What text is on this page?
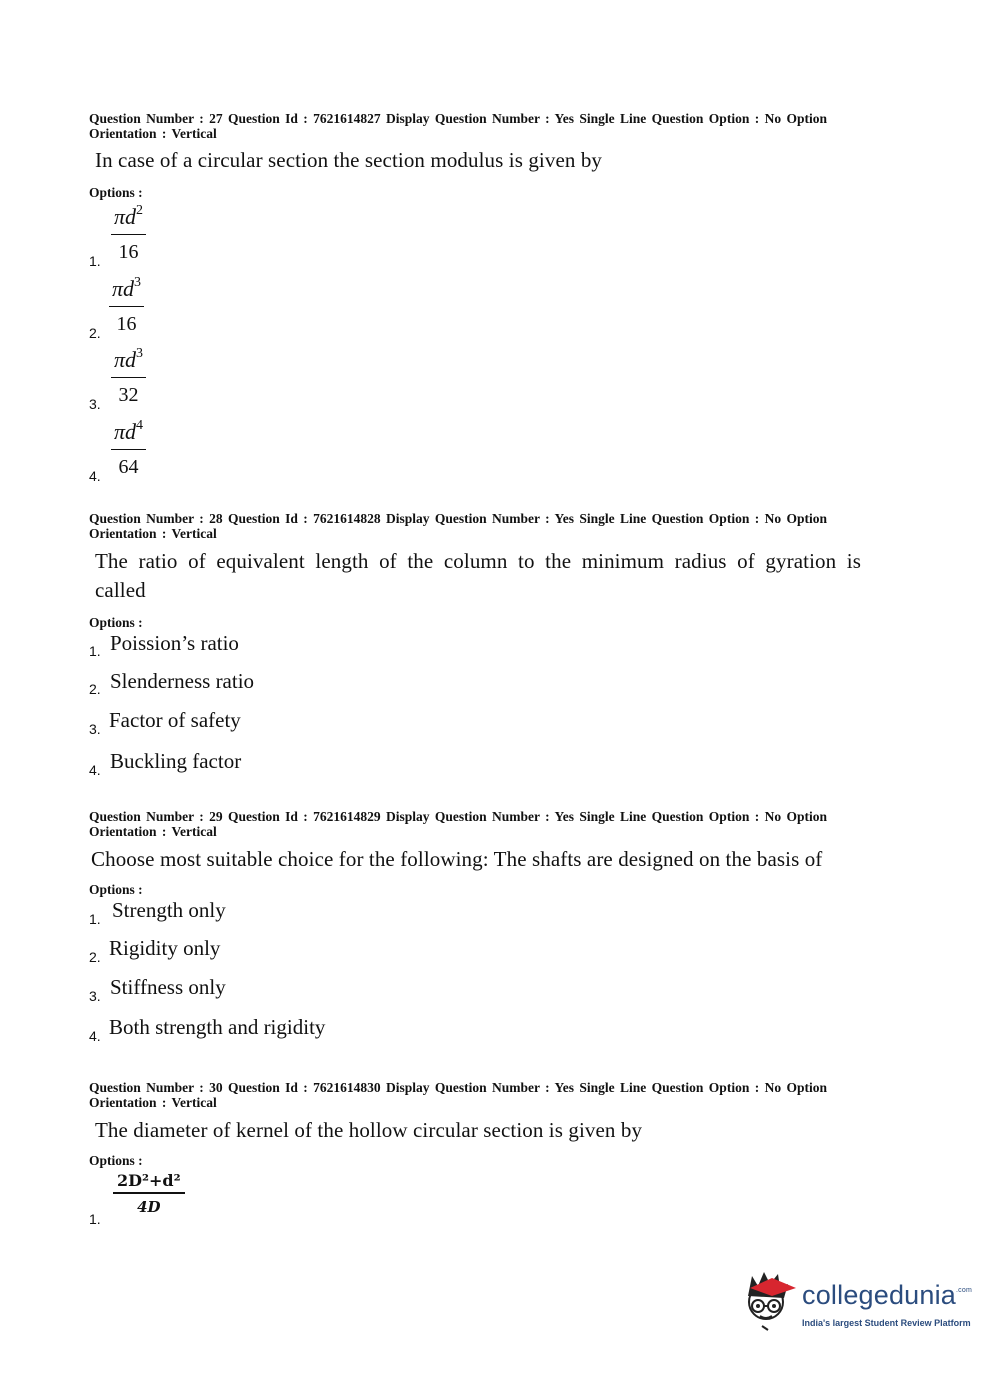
Question Number : 27 Question Id : 7621614827 Display Question Number : Yes Single Line Question Option : No Option
Orientation : Vertical
In case of a circular section the section modulus is given by
Options :
$\frac{\pi d^2}{16}$
1.
$\frac{\pi d^3}{16}$
2.
$\frac{\pi d^3}{32}$
3.
$\frac{\pi d^4}{64}$
4.
Question Number : 28 Question Id : 7621614828 Display Question Number : Yes Single Line Question Option : No Option
Orientation : Vertical
The ratio of equivalent length of the column to the minimum radius of gyration is called
Options :
Poission’s ratio
1.
Slenderness ratio
2.
Factor of safety
3.
Buckling factor
4.
Question Number : 29 Question Id : 7621614829 Display Question Number : Yes Single Line Question Option : No Option
Orientation : Vertical
Choose most suitable choice for the following: The shafts are designed on the basis of
Options :
Strength only
1.
Rigidity only
2.
Stiffness only
3.
Both strength and rigidity
4.
Question Number : 30 Question Id : 7621614830 Display Question Number : Yes Single Line Question Option : No Option
Orientation : Vertical
The diameter of kernel of the hollow circular section is given by
Options :
$\frac{\text{2D²+d²}}{4D}$
1.
collegedunia$^{.com}$
India's largest Student Review Platform
